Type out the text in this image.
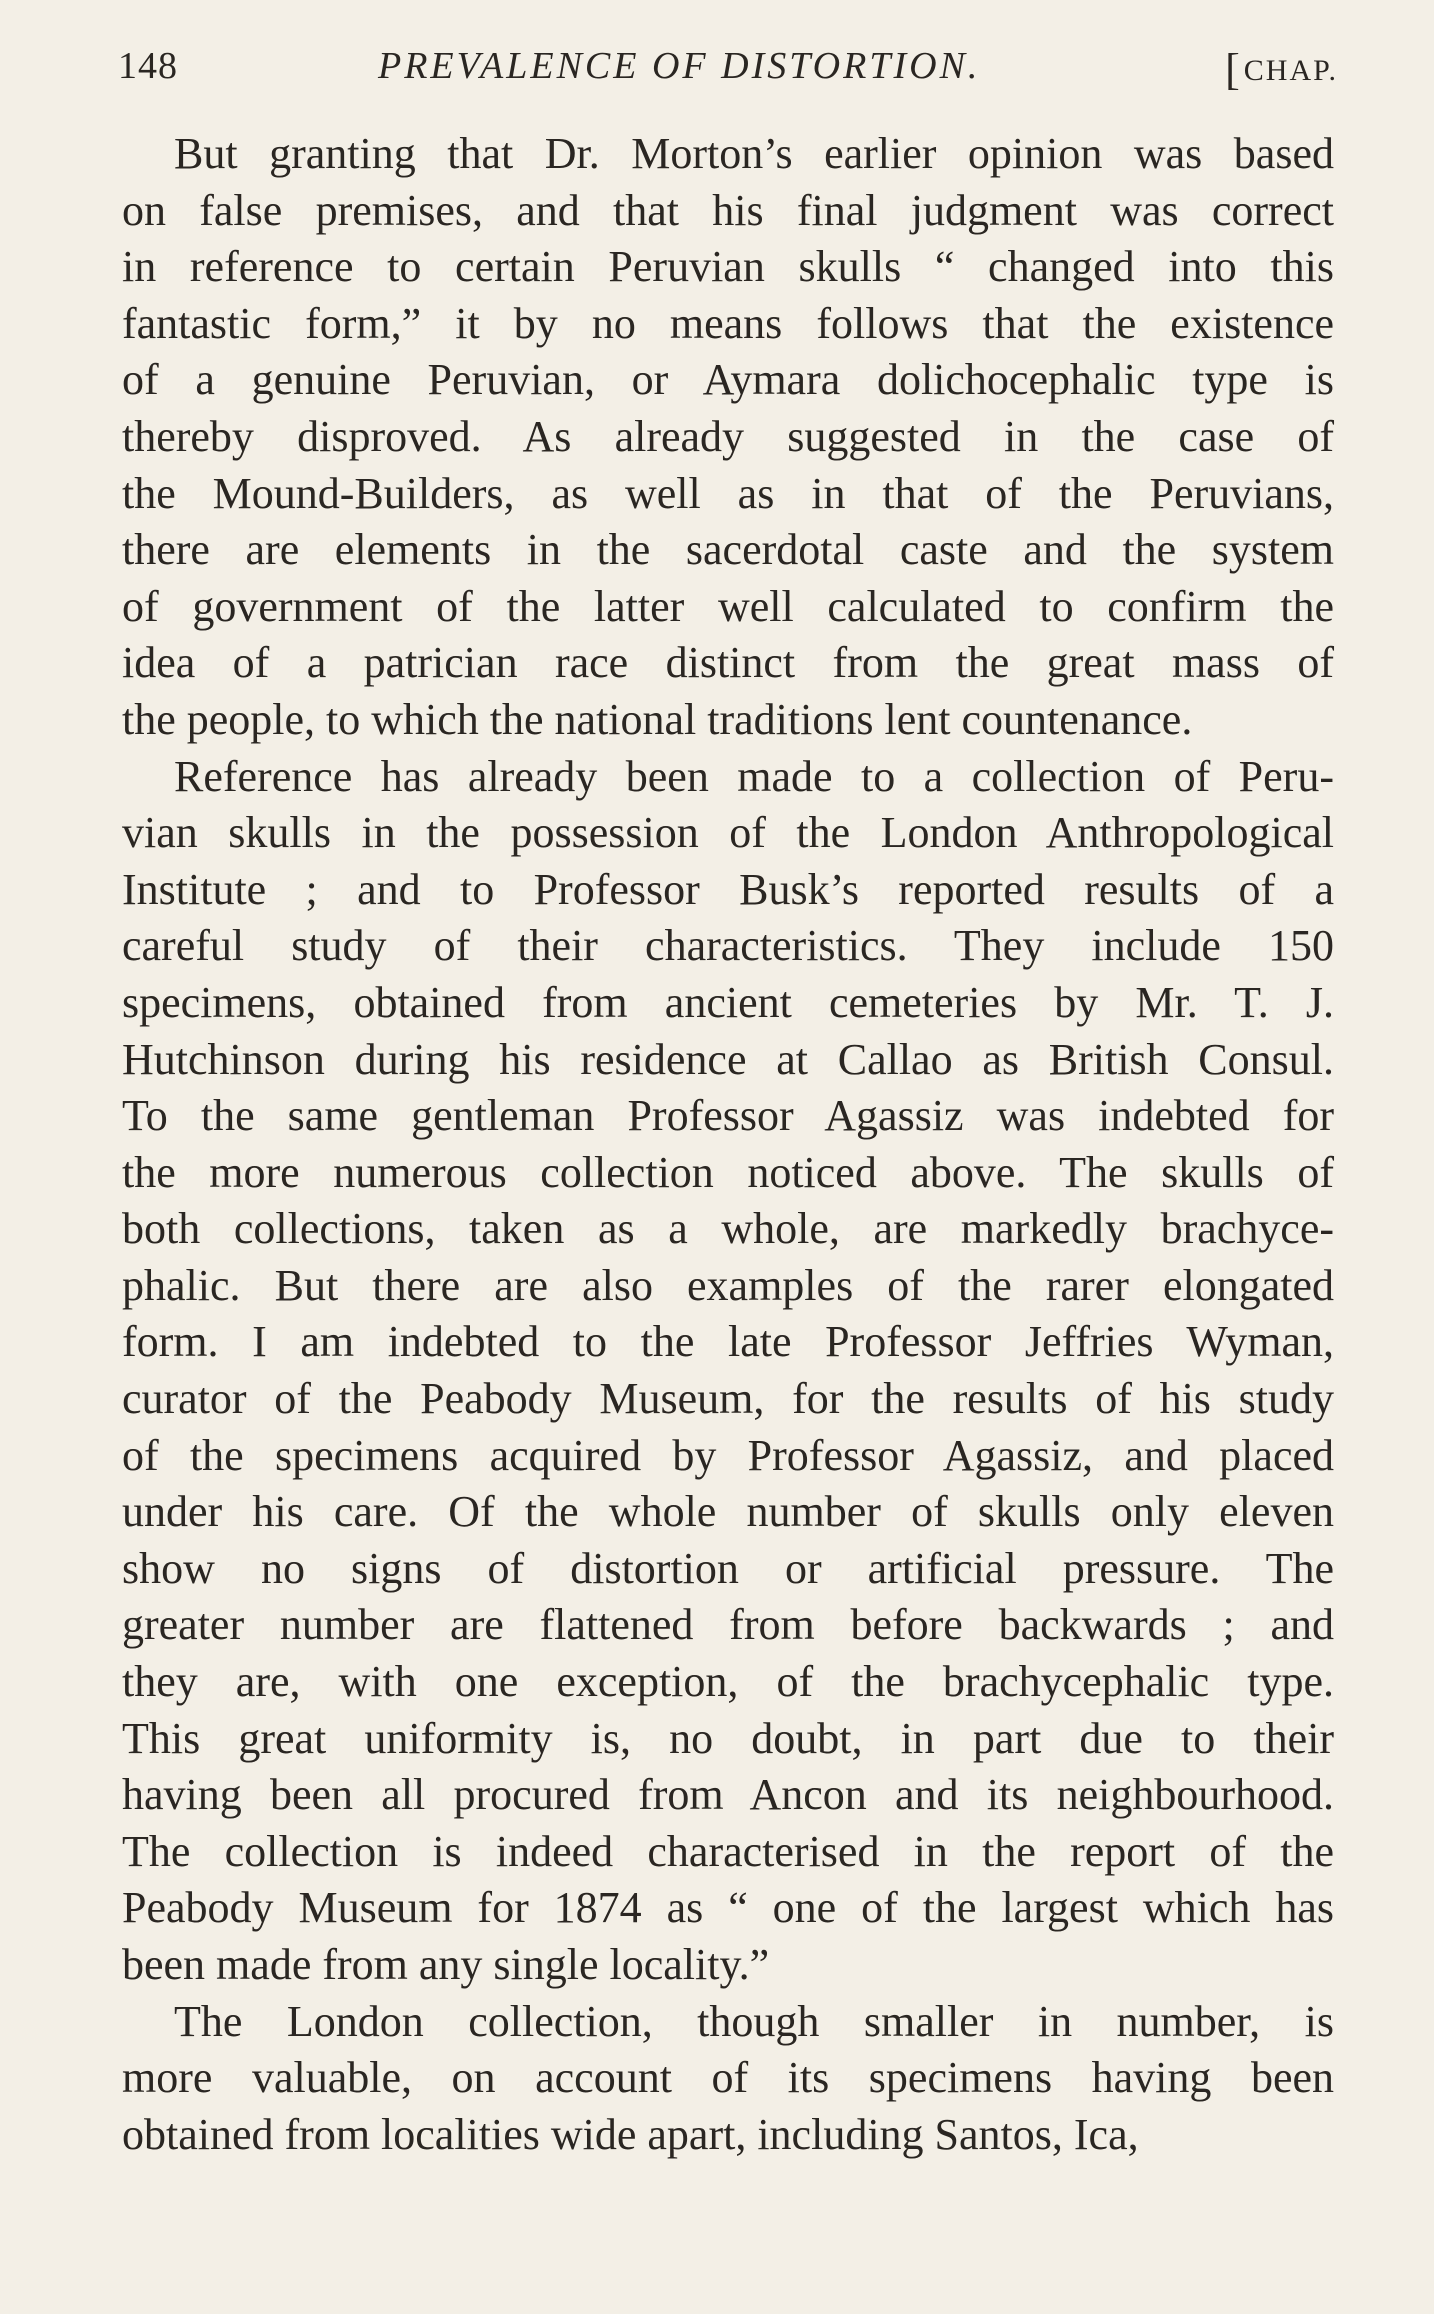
148	PREVALENCE OF DISTORTION.	[CHAP.

But granting that Dr. Morton’s earlier opinion was based
on false premises, and that his final judgment was correct
in reference to certain Peruvian skulls “ changed into this
fantastic form,” it by no means follows that the existence
of a genuine Peruvian, or Aymara dolichocephalic type is
thereby disproved. As already suggested in the case of
the Mound-Builders, as well as in that of the Peruvians,
there are elements in the sacerdotal caste and the system
of government of the latter well calculated to confirm the
idea of a patrician race distinct from the great mass of
the people, to which the national traditions lent countenance.

Reference has already been made to a collection of Peru-
vian skulls in the possession of the London Anthropological
Institute ; and to Professor Busk’s reported results of a
careful study of their characteristics. They include 150
specimens, obtained from ancient cemeteries by Mr. T. J.
Hutchinson during his residence at Callao as British Consul.
To the same gentleman Professor Agassiz was indebted for
the more numerous collection noticed above. The skulls of
both collections, taken as a whole, are markedly brachyce-
phalic. But there are also examples of the rarer elongated
form. I am indebted to the late Professor Jeffries Wyman,
curator of the Peabody Museum, for the results of his study
of the specimens acquired by Professor Agassiz, and placed
under his care. Of the whole number of skulls only eleven
show no signs of distortion or artificial pressure. The
greater number are flattened from before backwards ; and
they are, with one exception, of the brachycephalic type.
This great uniformity is, no doubt, in part due to their
having been all procured from Ancon and its neighbourhood.
The collection is indeed characterised in the report of the
Peabody Museum for 1874 as “ one of the largest which has
been made from any single locality.”

The London collection, though smaller in number, is
more valuable, on account of its specimens having been
obtained from localities wide apart, including Santos, Ica,
